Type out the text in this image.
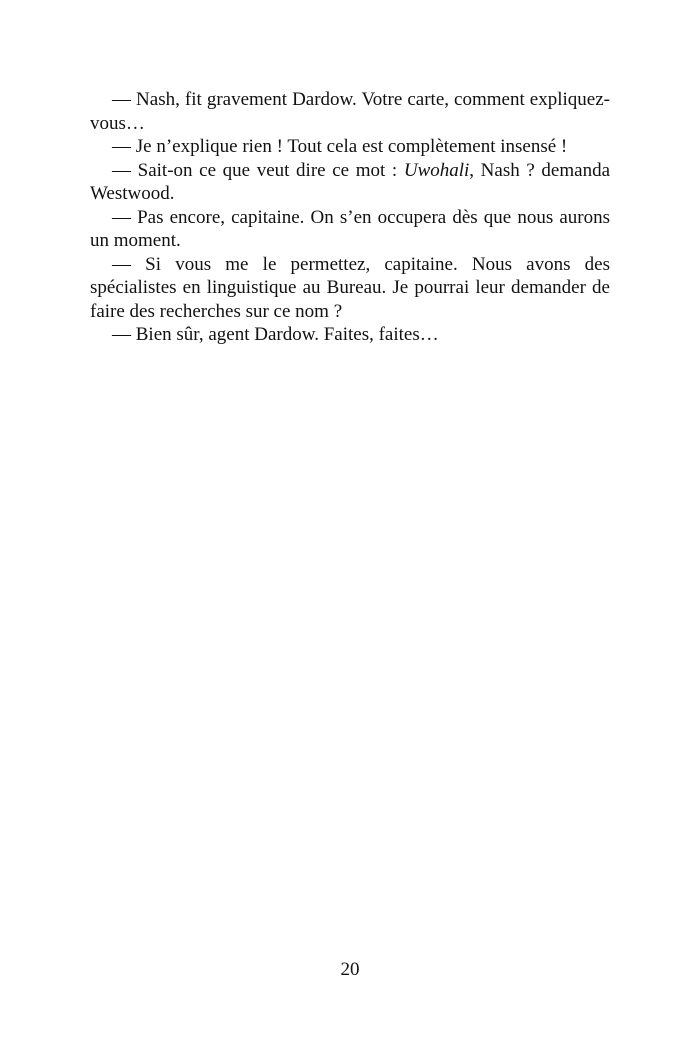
— Nash, fit gravement Dardow. Votre carte, comment expliquez-vous…

— Je n’explique rien ! Tout cela est complètement insensé !

— Sait-on ce que veut dire ce mot : Uwohali, Nash ? demanda Westwood.

— Pas encore, capitaine. On s’en occupera dès que nous aurons un moment.

— Si vous me le permettez, capitaine. Nous avons des spécialistes en linguistique au Bureau. Je pourrai leur demander de faire des recherches sur ce nom ?

— Bien sûr, agent Dardow. Faites, faites…

20
